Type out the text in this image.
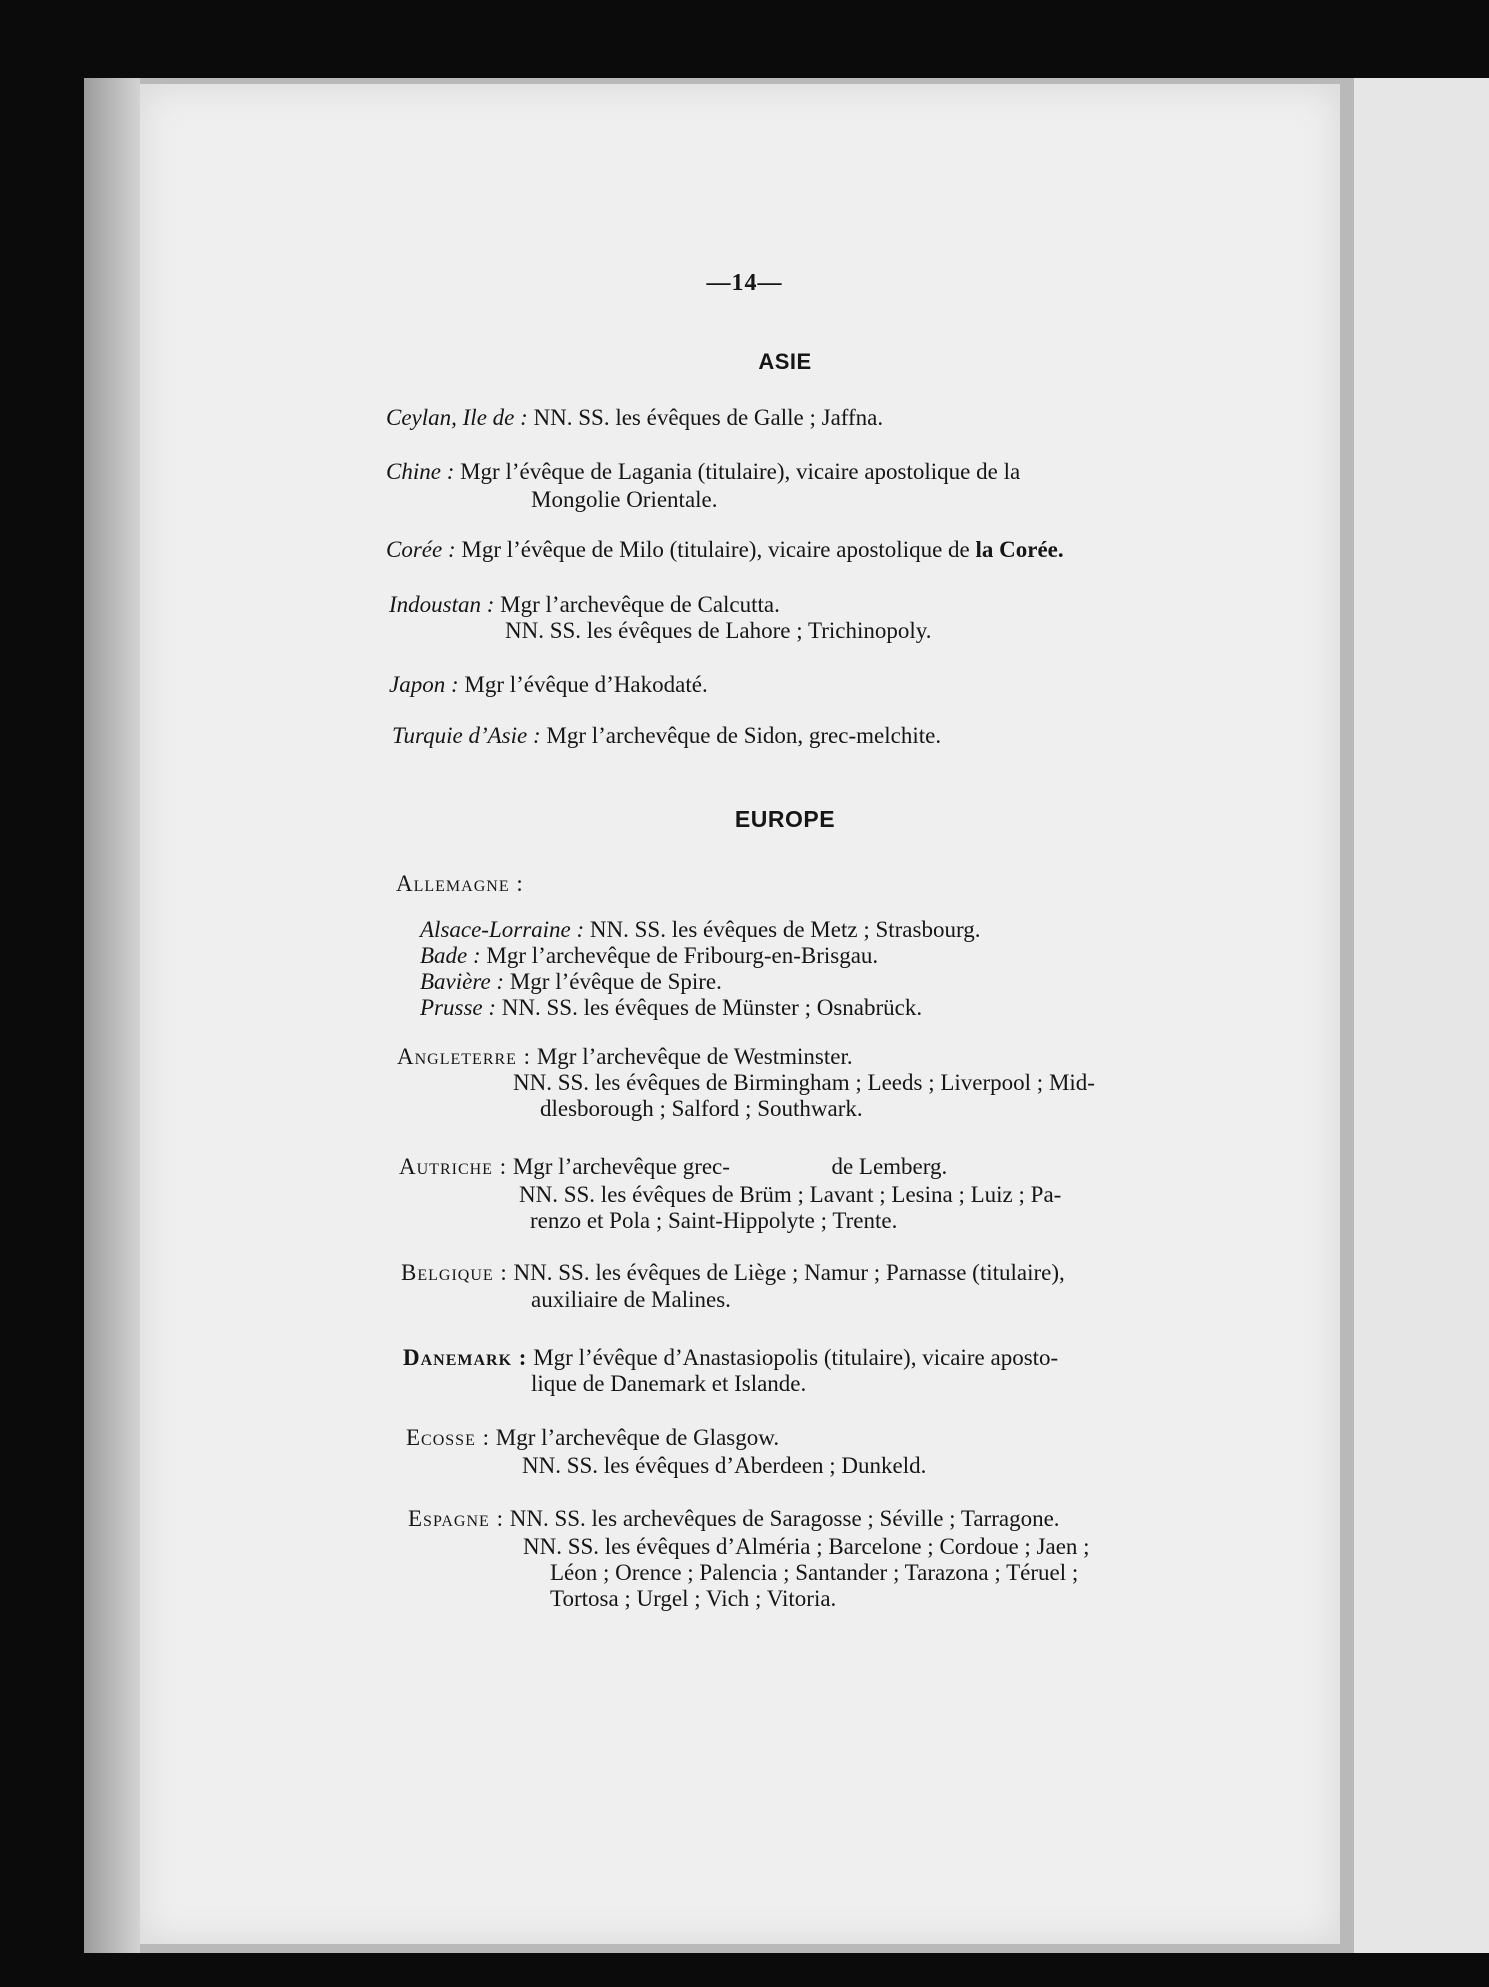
—14—
ASIE
Ceylan, Ile de : NN. SS. les évêques de Galle ; Jaffna.
Chine : Mgr l’évêque de Lagania (titulaire), vicaire apostolique de la
Mongolie Orientale.
Corée : Mgr l’évêque de Milo (titulaire), vicaire apostolique de la Corée.
Indoustan : Mgr l’archevêque de Calcutta.
NN. SS. les évêques de Lahore ; Trichinopoly.
Japon : Mgr l’évêque d’Hakodaté.
Turquie d’Asie : Mgr l’archevêque de Sidon, grec-melchite.
EUROPE
Allemagne :
Alsace-Lorraine : NN. SS. les évêques de Metz ; Strasbourg.
Bade : Mgr l’archevêque de Fribourg-en-Brisgau.
Bavière : Mgr l’évêque de Spire.
Prusse : NN. SS. les évêques de Münster ; Osnabrück.
Angleterre : Mgr l’archevêque de Westminster.
NN. SS. les évêques de Birmingham ; Leeds ; Liverpool ; Mid-
dlesborough ; Salford ; Southwark.
Autriche : Mgr l’archevêque grec-	de Lemberg.
NN. SS. les évêques de Brüm ; Lavant ; Lesina ; Luiz ; Pa-
renzo et Pola ; Saint-Hippolyte ; Trente.
Belgique : NN. SS. les évêques de Liège ; Namur ; Parnasse (titulaire),
auxiliaire de Malines.
Danemark : Mgr l’évêque d’Anastasiopolis (titulaire), vicaire aposto-
lique de Danemark et Islande.
Ecosse : Mgr l’archevêque de Glasgow.
NN. SS. les évêques d’Aberdeen ; Dunkeld.
Espagne : NN. SS. les archevêques de Saragosse ; Séville ; Tarragone.
NN. SS. les évêques d’Alméria ; Barcelone ; Cordoue ; Jaen ;
Léon ; Orence ; Palencia ; Santander ; Tarazona ; Téruel ;
Tortosa ; Urgel ; Vich ; Vitoria.
